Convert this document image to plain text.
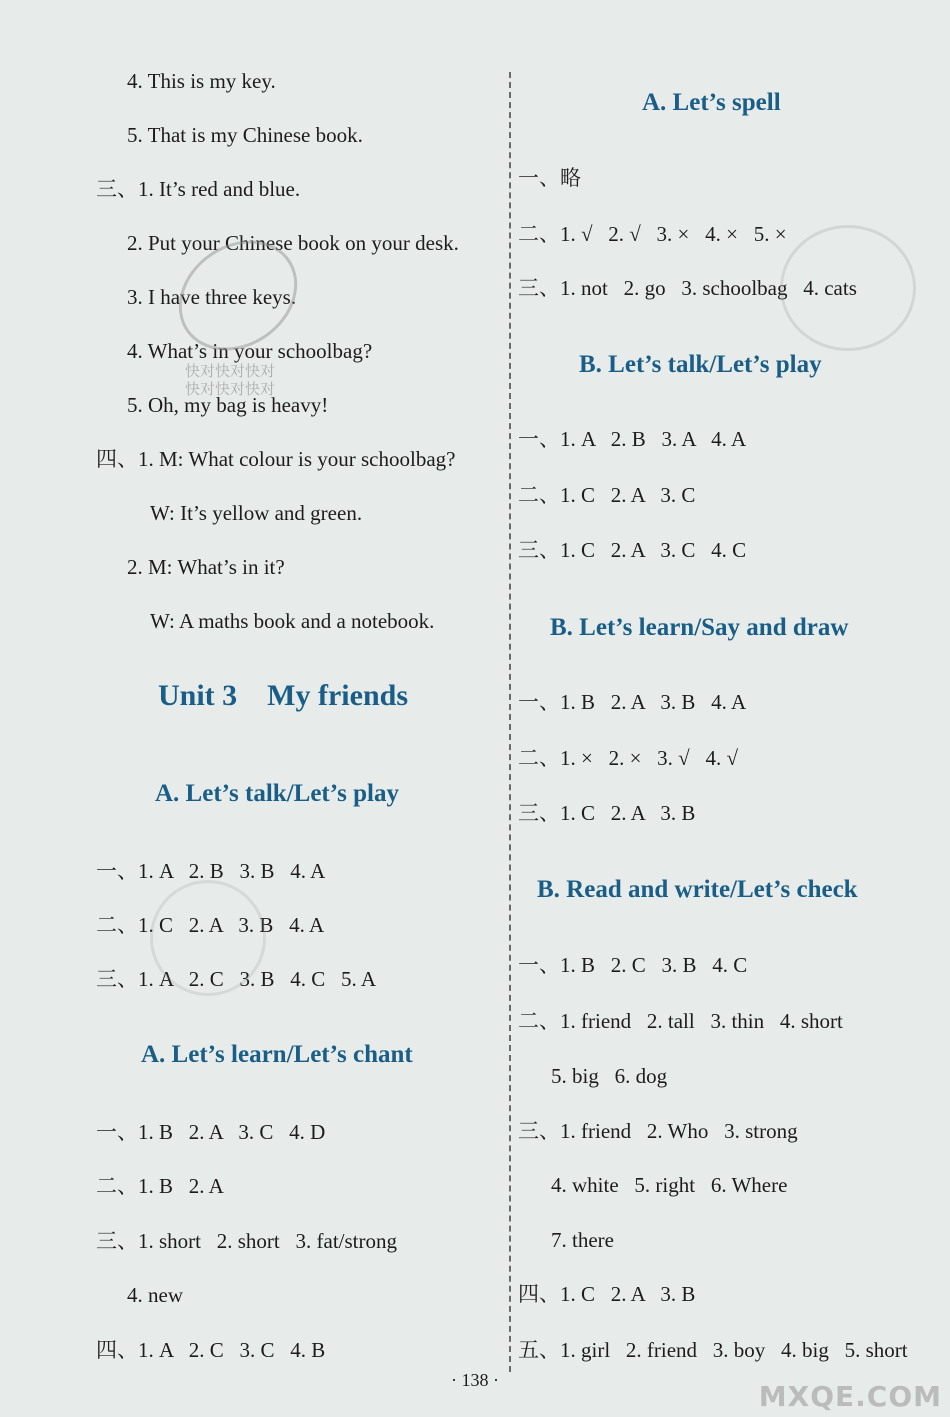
4. This is my key.
5. That is my Chinese book.
三、1. It’s red and blue.
2. Put your Chinese book on your desk.
3. I have three keys.
4. What’s in your schoolbag?
5. Oh, my bag is heavy!
四、1. M: What colour is your schoolbag?
W: It’s yellow and green.
2. M: What’s in it?
W: A maths book and a notebook.
Unit 3    My friends
A. Let’s talk/Let’s play
一、1. A   2. B   3. B   4. A
二、1. C   2. A   3. B   4. A
三、1. A   2. C   3. B   4. C   5. A
A. Let’s learn/Let’s chant
一、1. B   2. A   3. C   4. D
二、1. B   2. A
三、1. short   2. short   3. fat/strong
4. new
四、1. A   2. C   3. C   4. B
A. Let’s spell
一、略
二、1. √   2. √   3. ×   4. ×   5. ×
三、1. not   2. go   3. schoolbag   4. cats
B. Let’s talk/Let’s play
一、1. A   2. B   3. A   4. A
二、1. C   2. A   3. C
三、1. C   2. A   3. C   4. C
B. Let’s learn/Say and draw
一、1. B   2. A   3. B   4. A
二、1. ×   2. ×   3. √   4. √
三、1. C   2. A   3. B
B. Read and write/Let’s check
一、1. B   2. C   3. B   4. C
二、1. friend   2. tall   3. thin   4. short
5. big   6. dog
三、1. friend   2. Who   3. strong
4. white   5. right   6. Where
7. there
四、1. C   2. A   3. B
五、1. girl   2. friend   3. boy   4. big   5. short
快对快对快对
快对快对快对
· 138 ·	MXQE.COM
